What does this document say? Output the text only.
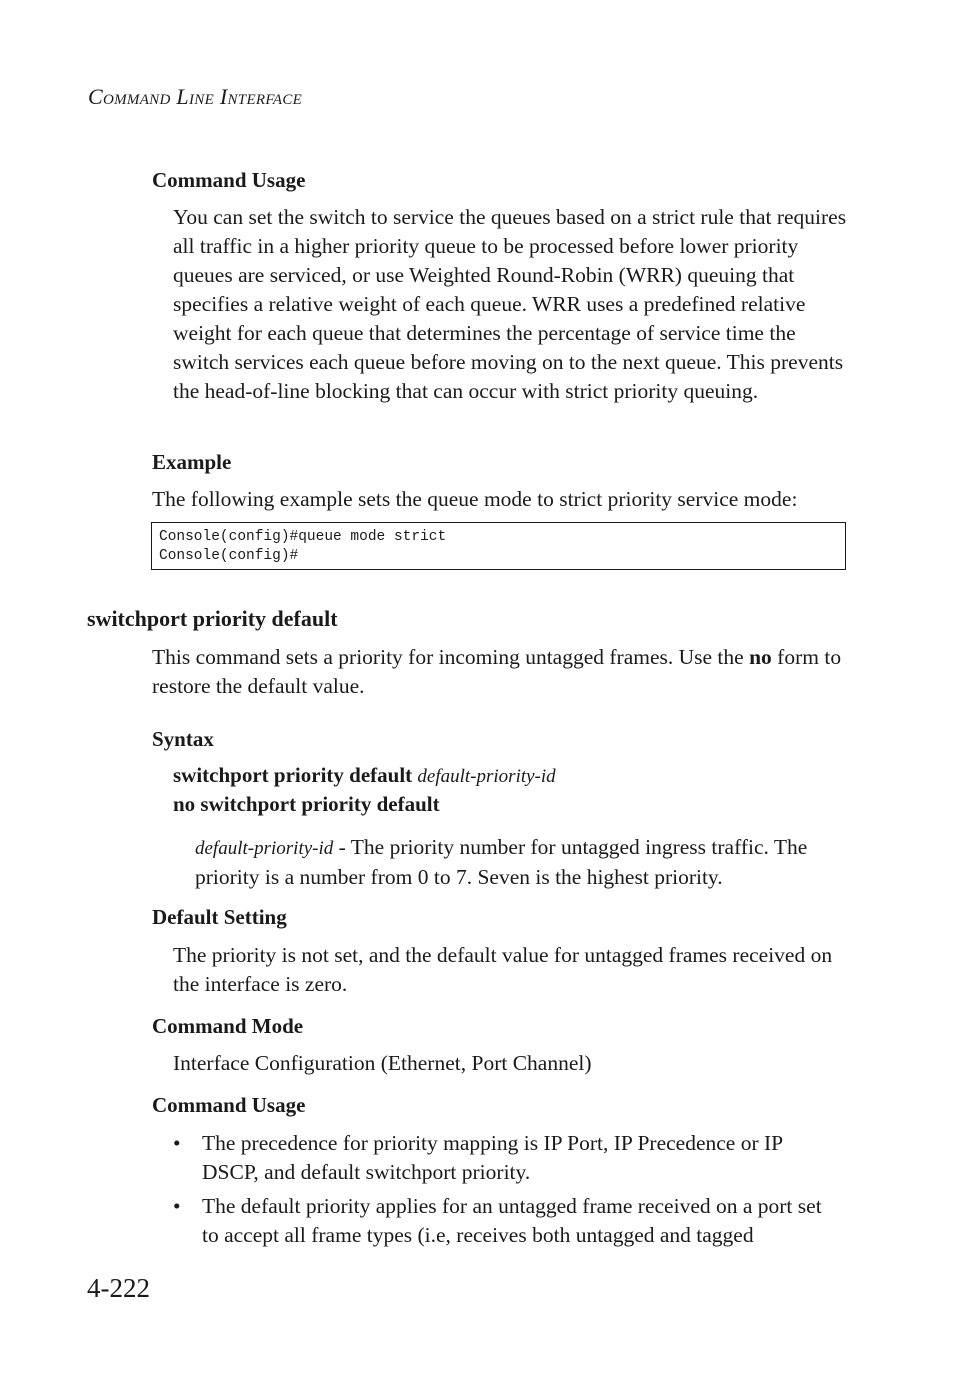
COMMAND LINE INTERFACE
Command Usage

You can set the switch to service the queues based on a strict rule that requires all traffic in a higher priority queue to be processed before lower priority queues are serviced, or use Weighted Round-Robin (WRR) queuing that specifies a relative weight of each queue. WRR uses a predefined relative weight for each queue that determines the percentage of service time the switch services each queue before moving on to the next queue. This prevents the head-of-line blocking that can occur with strict priority queuing.

Example

The following example sets the queue mode to strict priority service mode:

Console(config)#queue mode strict
Console(config)#
switchport priority default

This command sets a priority for incoming untagged frames. Use the no form to restore the default value.

Syntax
switchport priority default default-priority-id
no switchport priority default

default-priority-id - The priority number for untagged ingress traffic. The priority is a number from 0 to 7. Seven is the highest priority.

Default Setting

The priority is not set, and the default value for untagged frames received on the interface is zero.

Command Mode

Interface Configuration (Ethernet, Port Channel)

Command Usage
• The precedence for priority mapping is IP Port, IP Precedence or IP DSCP, and default switchport priority.
• The default priority applies for an untagged frame received on a port set to accept all frame types (i.e, receives both untagged and tagged
4-222
